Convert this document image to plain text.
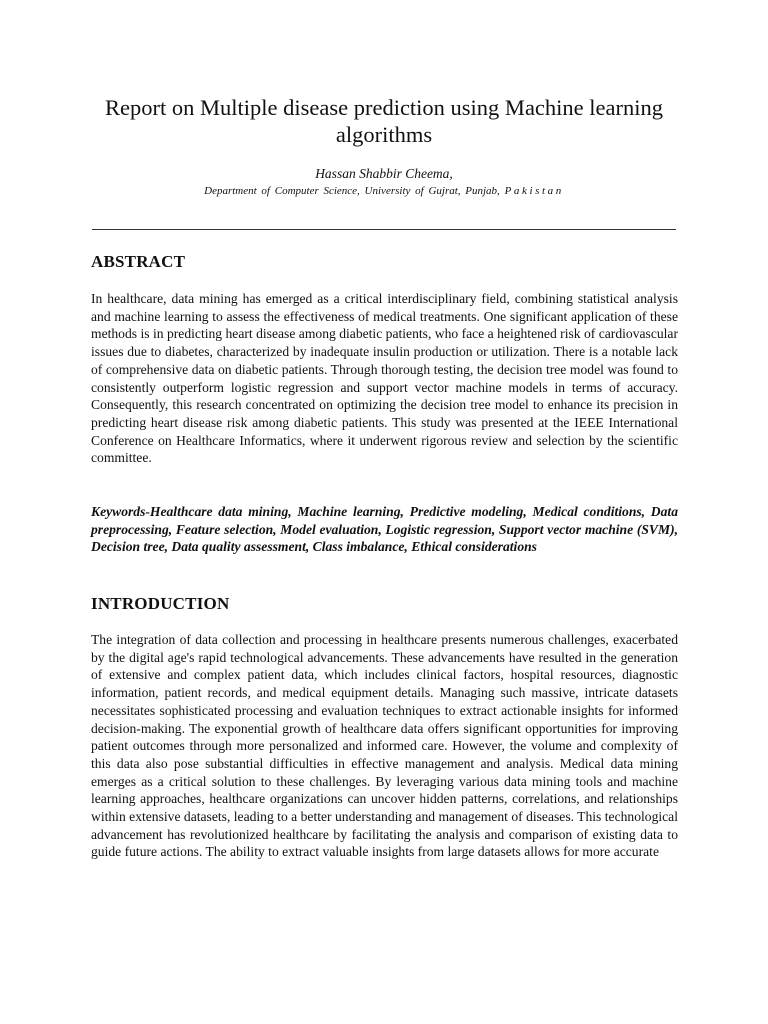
Report on Multiple disease prediction using Machine learning algorithms

Hassan Shabbir Cheema,

Department of Computer Science, University of Gujrat, Punjab, Pakistan

ABSTRACT

In healthcare, data mining has emerged as a critical interdisciplinary field, combining statistical analysis and machine learning to assess the effectiveness of medical treatments. One significant application of these methods is in predicting heart disease among diabetic patients, who face a heightened risk of cardiovascular issues due to diabetes, characterized by inadequate insulin production or utilization. There is a notable lack of comprehensive data on diabetic patients. Through thorough testing, the decision tree model was found to consistently outperform logistic regression and support vector machine models in terms of accuracy. Consequently, this research concentrated on optimizing the decision tree model to enhance its precision in predicting heart disease risk among diabetic patients. This study was presented at the IEEE International Conference on Healthcare Informatics, where it underwent rigorous review and selection by the scientific committee.

Keywords-Healthcare data mining, Machine learning, Predictive modeling, Medical conditions, Data preprocessing, Feature selection, Model evaluation, Logistic regression, Support vector machine (SVM), Decision tree, Data quality assessment, Class imbalance, Ethical considerations

INTRODUCTION

The integration of data collection and processing in healthcare presents numerous challenges, exacerbated by the digital age's rapid technological advancements. These advancements have resulted in the generation of extensive and complex patient data, which includes clinical factors, hospital resources, diagnostic information, patient records, and medical equipment details. Managing such massive, intricate datasets necessitates sophisticated processing and evaluation techniques to extract actionable insights for informed decision-making. The exponential growth of healthcare data offers significant opportunities for improving patient outcomes through more personalized and informed care. However, the volume and complexity of this data also pose substantial difficulties in effective management and analysis. Medical data mining emerges as a critical solution to these challenges. By leveraging various data mining tools and machine learning approaches, healthcare organizations can uncover hidden patterns, correlations, and relationships within extensive datasets, leading to a better understanding and management of diseases. This technological advancement has revolutionized healthcare by facilitating the analysis and comparison of existing data to guide future actions. The ability to extract valuable insights from large datasets allows for more accurate
